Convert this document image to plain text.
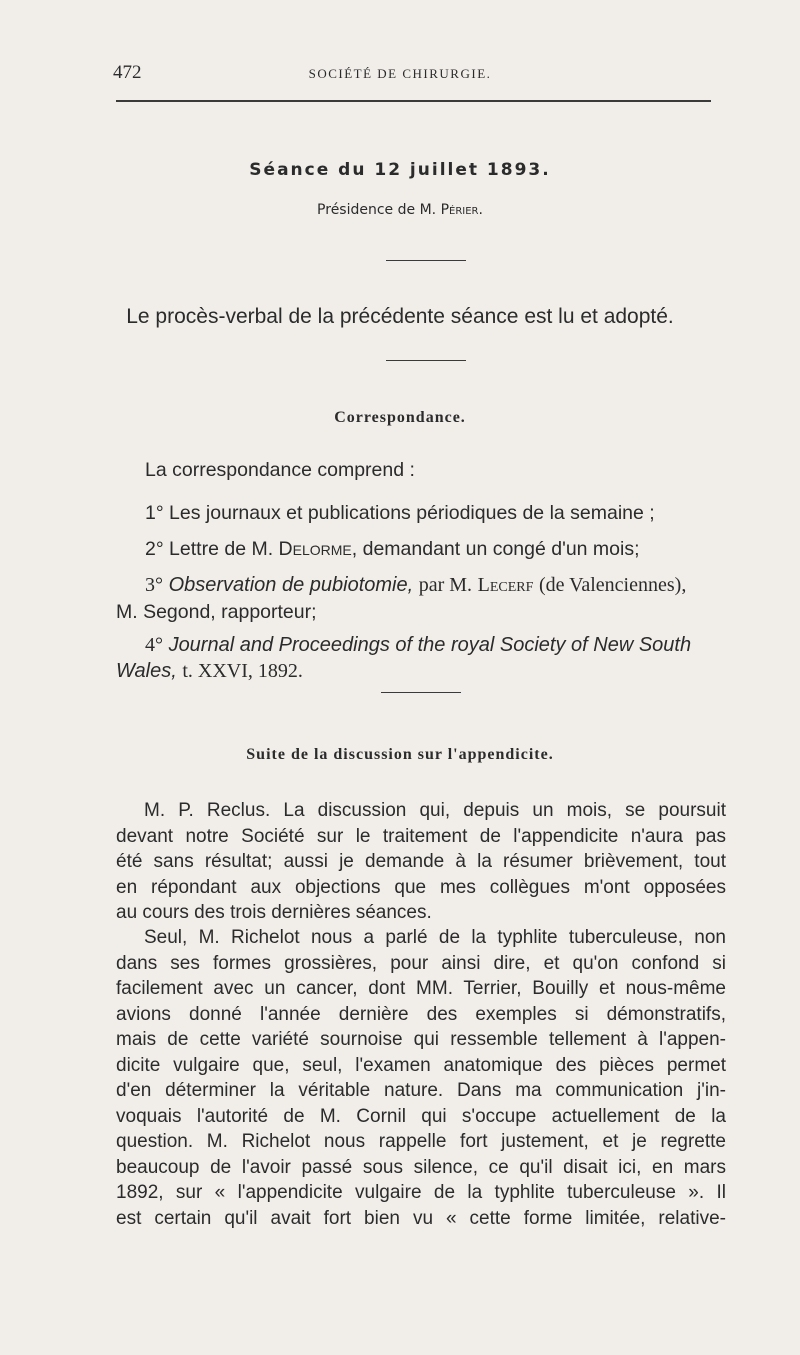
472	SOCIÉTÉ DE CHIRURGIE.
Séance du 12 juillet 1893.
Présidence de M. Périer.
Le procès-verbal de la précédente séance est lu et adopté.
Correspondance.
La correspondance comprend :
1° Les journaux et publications périodiques de la semaine ;
2° Lettre de M. Delorme, demandant un congé d'un mois;
3° Observation de pubiotomie, par M. Lecerf (de Valenciennes),
M. Segond, rapporteur;
4° Journal and Proceedings of the royal Society of New South
Wales, t. XXVI, 1892.
Suite de la discussion sur l'appendicite.
M. P. Reclus. La discussion qui, depuis un mois, se poursuit
devant notre Société sur le traitement de l'appendicite n'aura pas
été sans résultat; aussi je demande à la résumer brièvement, tout
en répondant aux objections que mes collègues m'ont opposées
au cours des trois dernières séances.
Seul, M. Richelot nous a parlé de la typhlite tuberculeuse, non
dans ses formes grossières, pour ainsi dire, et qu'on confond si
facilement avec un cancer, dont MM. Terrier, Bouilly et nous-même
avions donné l'année dernière des exemples si démonstratifs,
mais de cette variété sournoise qui ressemble tellement à l'appen-
dicite vulgaire que, seul, l'examen anatomique des pièces permet
d'en déterminer la véritable nature. Dans ma communication j'in-
voquais l'autorité de M. Cornil qui s'occupe actuellement de la
question. M. Richelot nous rappelle fort justement, et je regrette
beaucoup de l'avoir passé sous silence, ce qu'il disait ici, en mars
1892, sur « l'appendicite vulgaire de la typhlite tuberculeuse ». Il
est certain qu'il avait fort bien vu « cette forme limitée, relative-
